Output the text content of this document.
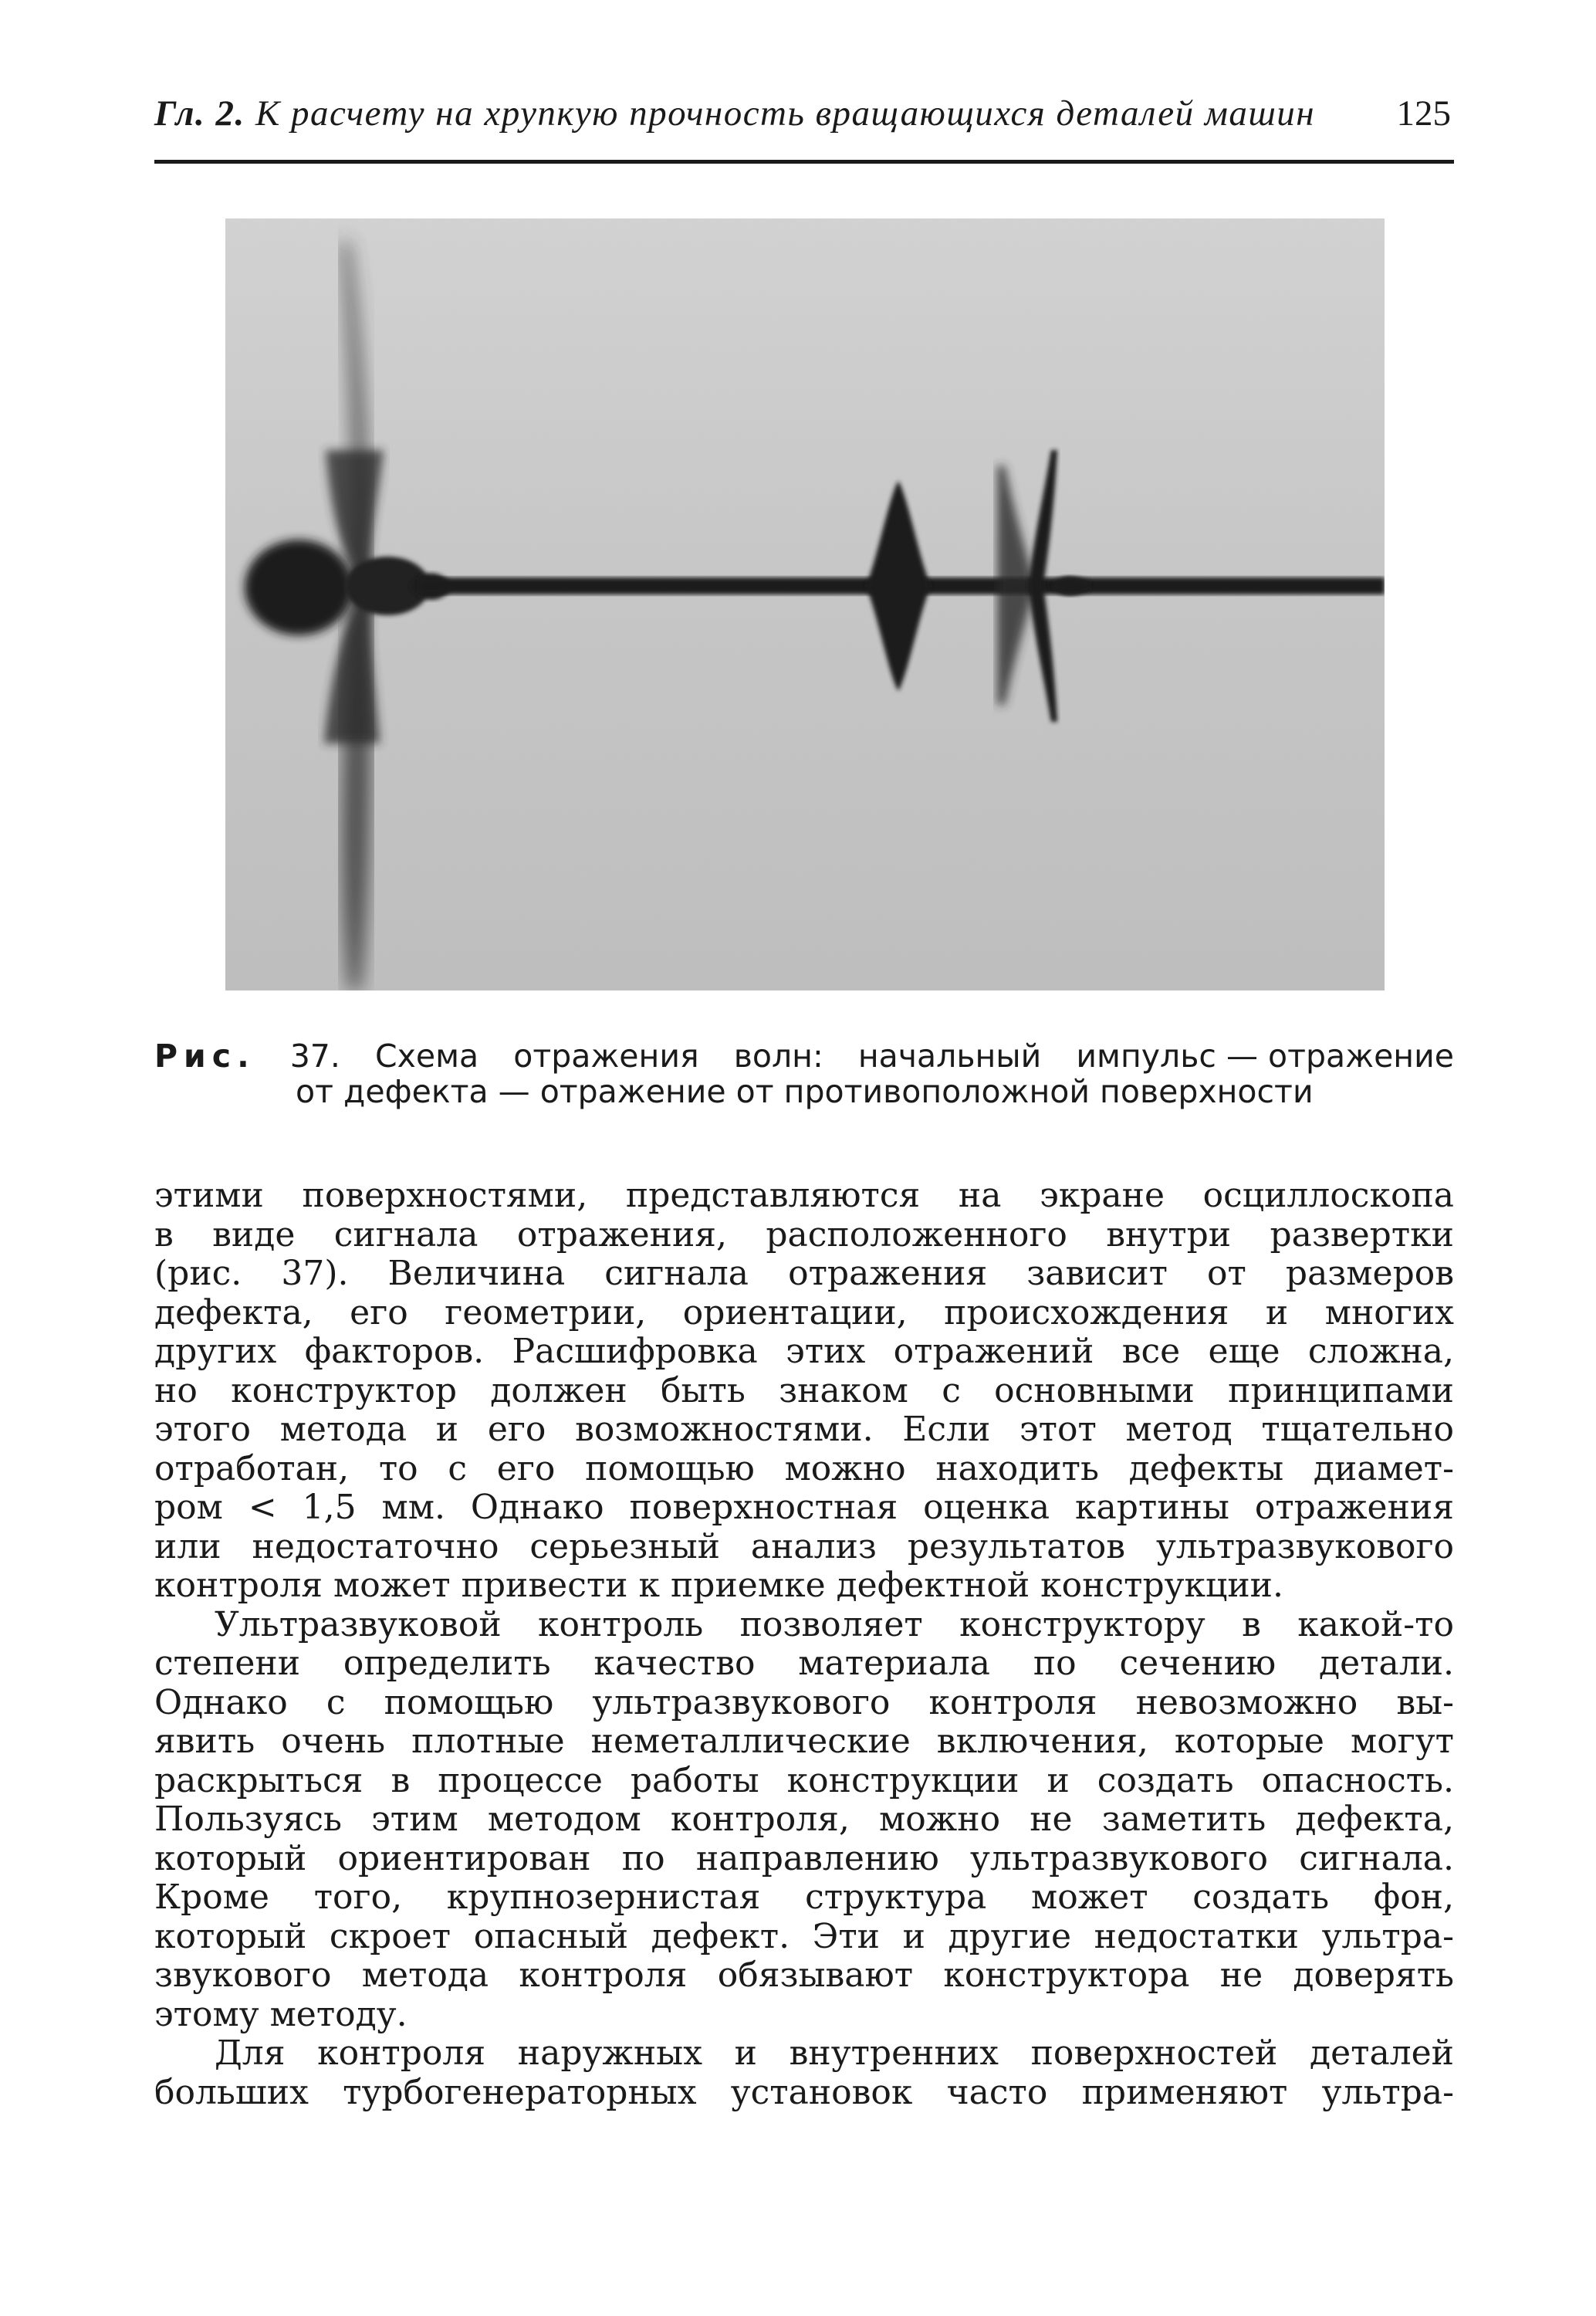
Гл. 2. К расчету на хрупкую прочность вращающихся деталей машин 125
Рис. 37. Схема отражения волн: начальный импульс — отражение
от дефекта — отражение от противоположной поверхности
этими поверхностями, представляются на экране осциллоскопа
в виде сигнала отражения, расположенного внутри развертки
(рис. 37). Величина сигнала отражения зависит от размеров
дефекта, его геометрии, ориентации, происхождения и многих
других факторов. Расшифровка этих отражений все еще сложна,
но конструктор должен быть знаком с основными принципами
этого метода и его возможностями. Если этот метод тщательно
отработан, то с его помощью можно находить дефекты диамет-
ром < 1,5 мм. Однако поверхностная оценка картины отражения
или недостаточно серьезный анализ результатов ультразвукового
контроля может привести к приемке дефектной конструкции.
Ультразвуковой контроль позволяет конструктору в какой-то
степени определить качество материала по сечению детали.
Однако с помощью ультразвукового контроля невозможно вы-
явить очень плотные неметаллические включения, которые могут
раскрыться в процессе работы конструкции и создать опасность.
Пользуясь этим методом контроля, можно не заметить дефекта,
который ориентирован по направлению ультразвукового сигнала.
Кроме того, крупнозернистая структура может создать фон,
который скроет опасный дефект. Эти и другие недостатки ультра-
звукового метода контроля обязывают конструктора не доверять
этому методу.
Для контроля наружных и внутренних поверхностей деталей
больших турбогенераторных установок часто применяют ультра-
